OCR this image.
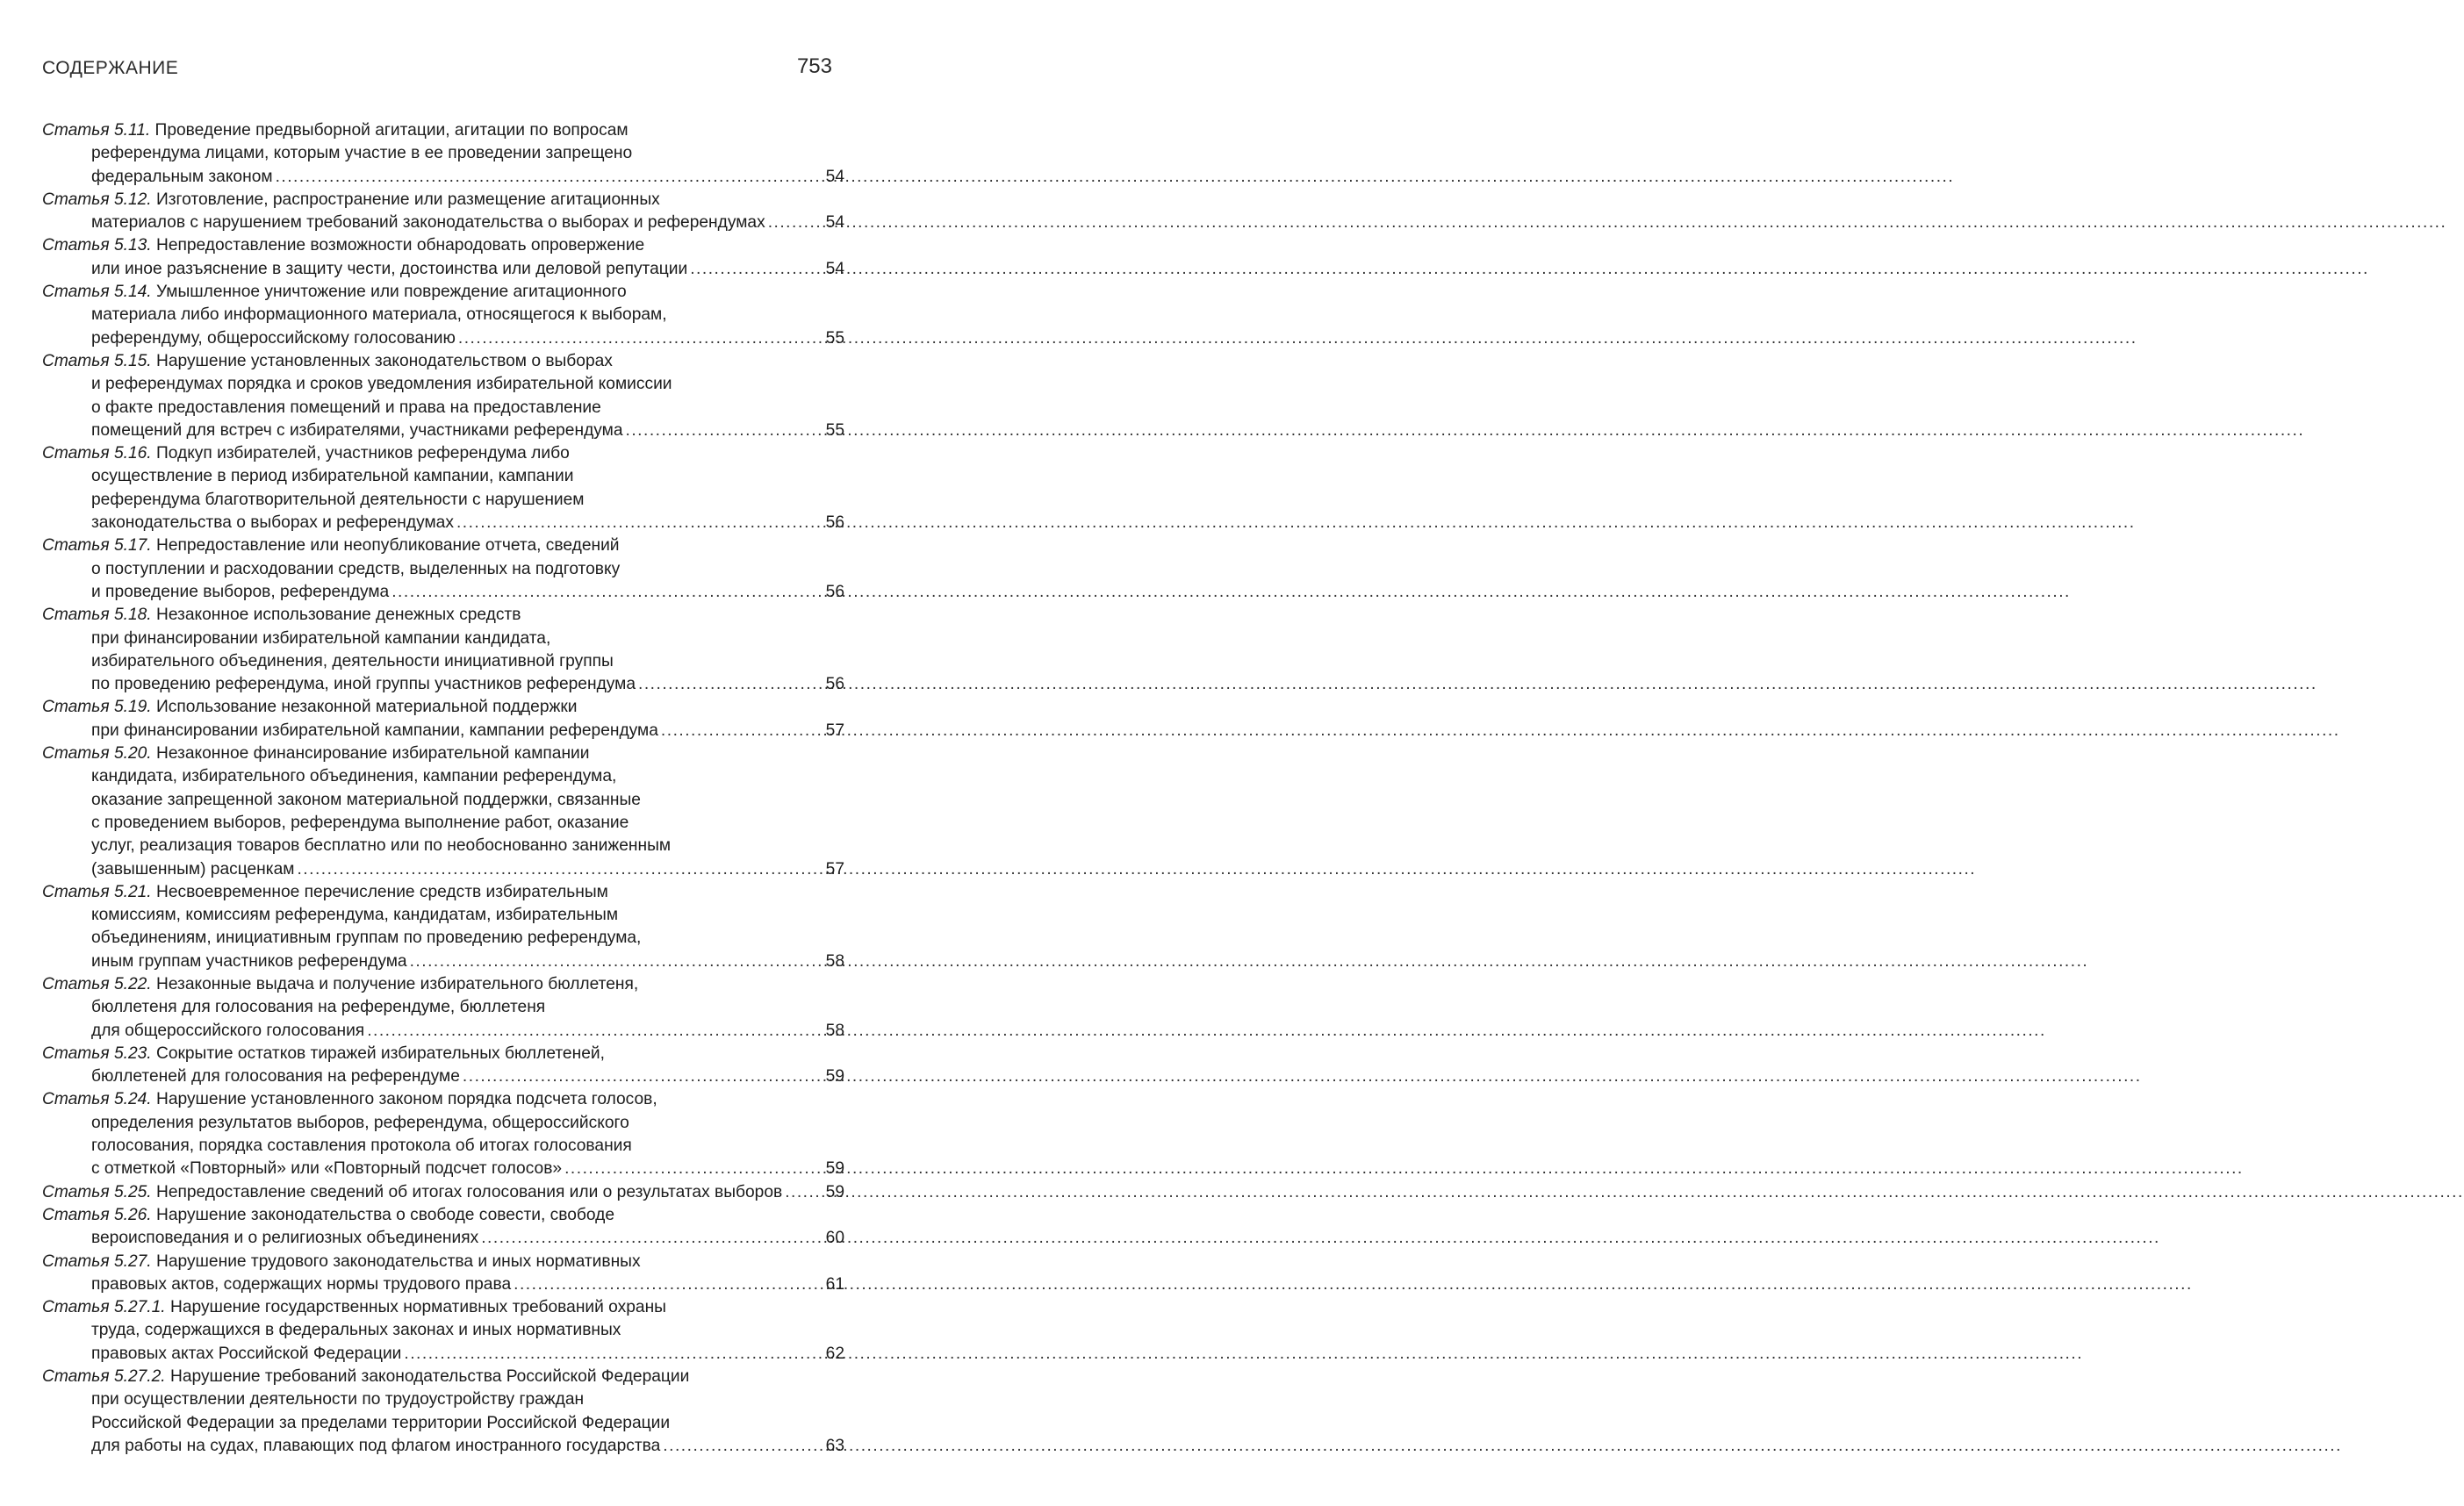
СОДЕРЖАНИЕ	753
Статья 5.11. Проведение предвыборной агитации, агитации по вопросам
референдума лицами, которым участие в ее проведении запрещено
федеральным законом .....	54
Статья 5.12. Изготовление, распространение или размещение агитационных
материалов с нарушением требований законодательства о выборах и референдумах .....	54
Статья 5.13. Непредоставление возможности обнародовать опровержение
или иное разъяснение в защиту чести, достоинства или деловой репутации .....	54
Статья 5.14. Умышленное уничтожение или повреждение агитационного
материала либо информационного материала, относящегося к выборам,
референдуму, общероссийскому голосованию .....	55
Статья 5.15. Нарушение установленных законодательством о выборах
и референдумах порядка и сроков уведомления избирательной комиссии
о факте предоставления помещений и права на предоставление
помещений для встреч с избирателями, участниками референдума .....	55
Статья 5.16. Подкуп избирателей, участников референдума либо
осуществление в период избирательной кампании, кампании
референдума благотворительной деятельности с нарушением
законодательства о выборах и референдумах .....	56
Статья 5.17. Непредоставление или неопубликование отчета, сведений
о поступлении и расходовании средств, выделенных на подготовку
и проведение выборов, референдума .....	56
Статья 5.18. Незаконное использование денежных средств
при финансировании избирательной кампании кандидата,
избирательного объединения, деятельности инициативной группы
по проведению референдума, иной группы участников референдума .....	56
Статья 5.19. Использование незаконной материальной поддержки
при финансировании избирательной кампании, кампании референдума .....	57
Статья 5.20. Незаконное финансирование избирательной кампании
кандидата, избирательного объединения, кампании референдума,
оказание запрещенной законом материальной поддержки, связанные
с проведением выборов, референдума выполнение работ, оказание
услуг, реализация товаров бесплатно или по необоснованно заниженным
(завышенным) расценкам .....	57
Статья 5.21. Несвоевременное перечисление средств избирательным
комиссиям, комиссиям референдума, кандидатам, избирательным
объединениям, инициативным группам по проведению референдума,
иным группам участников референдума .....	58
Статья 5.22. Незаконные выдача и получение избирательного бюллетеня,
бюллетеня для голосования на референдуме, бюллетеня
для общероссийского голосования .....	58
Статья 5.23. Сокрытие остатков тиражей избирательных бюллетеней,
бюллетеней для голосования на референдуме .....	59
Статья 5.24. Нарушение установленного законом порядка подсчета голосов,
определения результатов выборов, референдума, общероссийского
голосования, порядка составления протокола об итогах голосования
с отметкой «Повторный» или «Повторный подсчет голосов» .....	59
Статья 5.25. Непредоставление сведений об итогах голосования или о результатах выборов .....	59
Статья 5.26. Нарушение законодательства о свободе совести, свободе
вероисповедания и о религиозных объединениях .....	60
Статья 5.27. Нарушение трудового законодательства и иных нормативных
правовых актов, содержащих нормы трудового права .....	61
Статья 5.27.1. Нарушение государственных нормативных требований охраны
труда, содержащихся в федеральных законах и иных нормативных
правовых актах Российской Федерации .....	62
Статья 5.27.2. Нарушение требований законодательства Российской Федерации
при осуществлении деятельности по трудоустройству граждан
Российской Федерации за пределами территории Российской Федерации
для работы на судах, плавающих под флагом иностранного государства .....	63
